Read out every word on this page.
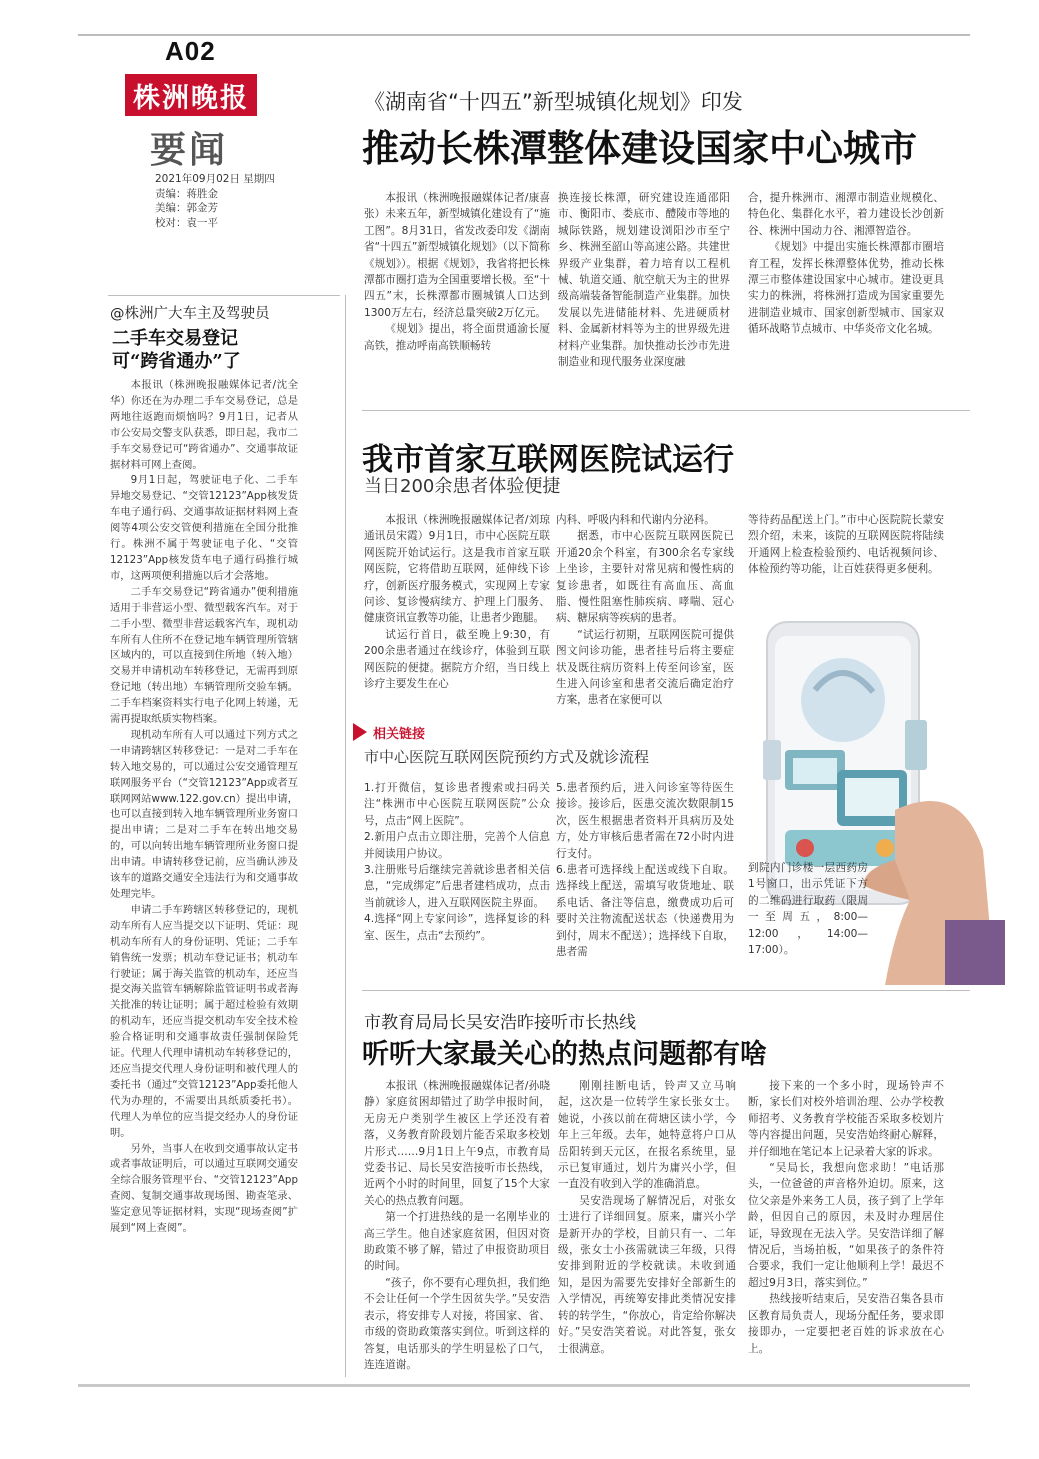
A02
株洲晚报
要闻
2021年09月02日 星期四
责编：蒋胜金
美编：郭金芳
校对：袁一平
《湖南省“十四五”新型城镇化规划》印发
推动长株潭整体建设国家中心城市

本报讯（株洲晚报融媒体记者/康喜张）未来五年，新型城镇化建设有了“施工图”。8月31日，省发改委印发《湖南省“十四五”新型城镇化规划》（以下简称《规划》）。根据《规划》，我省将把长株潭都市圈打造为全国重要增长极。至“十四五”末，长株潭都市圈城镇人口达到1300万左右，经济总量突破2万亿元。

《规划》提出，将全面贯通渝长厦高铁，推动呼南高铁顺畅转

换连接长株潭，研究建设连通邵阳市、衡阳市、娄底市、醴陵市等地的城际铁路，规划建设浏阳沙市至宁乡、株洲至韶山等高速公路。共建世界级产业集群，着力培育以工程机械、轨道交通、航空航天为主的世界级高端装备智能制造产业集群。加快发展以先进储能材料、先进硬质材料、金属新材料等为主的世界级先进材料产业集群。加快推动长沙市先进制造业和现代服务业深度融

合，提升株洲市、湘潭市制造业规模化、特色化、集群化水平，着力建设长沙创新谷、株洲中国动力谷、湘潭智造谷。

《规划》中提出实施长株潭都市圈培育工程，发挥长株潭整体优势，推动长株潭三市整体建设国家中心城市。建设更具实力的株洲，将株洲打造成为国家重要先进制造业城市、国家创新型城市、国家双循环战略节点城市、中华炎帝文化名城。

我市首家互联网医院试运行
当日200余患者体验便捷

本报讯（株洲晚报融媒体记者/刘琼 通讯员宋霞）9月1日，市中心医院互联网医院开始试运行。这是我市首家互联网医院，它将借助互联网，延伸线下诊疗，创新医疗服务模式，实现网上专家问诊、复诊慢病续方、护理上门服务、健康资讯宣教等功能，让患者少跑腿。

试运行首日，截至晚上9:30，有200余患者通过在线诊疗，体验到互联网医院的便捷。据院方介绍，当日线上诊疗主要发生在心

内科、呼吸内科和代谢内分泌科。

据悉，市中心医院互联网医院已开通20余个科室，有300余名专家线上坐诊，主要针对常见病和慢性病的复诊患者，如既往有高血压、高血脂、慢性阻塞性肺疾病、哮喘、冠心病、糖尿病等疾病的患者。

“试运行初期，互联网医院可提供图文问诊功能，患者挂号后将主要症状及既往病历资料上传至问诊室，医生进入问诊室和患者交流后确定治疗方案，患者在家便可以

等待药品配送上门。”市中心医院院长蒙安烈介绍，未来，该院的互联网医院将陆续开通网上检查检验预约、电话视频问诊、体检预约等功能，让百姓获得更多便利。

相关链接
市中心医院互联网医院预约方式及就诊流程

1.打开微信，复诊患者搜索或扫码关注“株洲市中心医院互联网医院”公众号，点击“网上医院”。

2.新用户点击立即注册，完善个人信息并阅读用户协议。

3.注册账号后继续完善就诊患者相关信息，“完成绑定”后患者建档成功，点击当前就诊人，进入互联网医院主界面。

4.选择“网上专家问诊”，选择复诊的科室、医生，点击“去预约”。

5.患者预约后，进入问诊室等待医生接诊。接诊后，医患交流次数限制15次，医生根据患者资料开具病历及处方，处方审核后患者需在72小时内进行支付。

6.患者可选择线上配送或线下自取。选择线上配送，需填写收货地址、联系电话、备注等信息，缴费成功后可要时关注物流配送状态（快递费用为到付，周末不配送）；选择线下自取，患者需

到院内门诊楼一层西药房1号窗口，出示凭证下方的二维码进行取药（限周一至周五，8:00—12:00，14:00—17:00）。

市教育局局长吴安浩昨接听市长热线
听听大家最关心的热点问题都有啥

本报讯（株洲晚报融媒体记者/孙晓静）家庭贫困却错过了助学申报时间，无房无户类别学生被区上学还没有着落，义务教育阶段划片能否采取多校划片形式……9月1日上午9点，市教育局党委书记、局长吴安浩接听市长热线，近两个小时的时间里，回复了15个大家关心的热点教育问题。

第一个打进热线的是一名刚毕业的高三学生。他自述家庭贫困，但因对资助政策不够了解，错过了申报资助项目的时间。

“孩子，你不要有心理负担，我们绝不会让任何一个学生因贫失学。”吴安浩表示，将安排专人对接，将国家、省、市级的资助政策落实到位。听到这样的答复，电话那头的学生明显松了口气，连连道谢。

刚刚挂断电话，铃声又立马响起，这次是一位转学生家长张女士。她说，小孩以前在荷塘区读小学，今年上三年级。去年，她特意将户口从岳阳转到天元区，在报名系统里，显示已复审通过，划片为庸兴小学，但一直没有收到入学的准确消息。

吴安浩现场了解情况后，对张女士进行了详细回复。原来，庸兴小学是新开办的学校，目前只有一、二年级，张女士小孩需就读三年级，只得安排到附近的学校就读。未收到通知，是因为需要先安排好全部新生的入学情况，再统筹安排此类情况安排转的转学生，“你放心，肯定给你解决好。”吴安浩笑着说。对此答复，张女士很满意。

接下来的一个多小时，现场铃声不断，家长们对校外培训治理、公办学校教师招考、义务教育学校能否采取多校划片等内容提出问题，吴安浩始终耐心解释，并仔细地在笔记本上记录着大家的诉求。

“吴局长，我想向您求助！”电话那头，一位爸爸的声音格外迫切。原来，这位父亲是外来务工人员，孩子到了上学年龄，但因自己的原因，未及时办理居住证，导致现在无法入学。吴安浩详细了解情况后，当场拍板，“如果孩子的条件符合要求，我们一定让他顺利上学！最迟不超过9月3日，落实到位。”

热线接听结束后，吴安浩召集各县市区教育局负责人，现场分配任务，要求即接即办，一定要把老百姓的诉求放在心上。

@株洲广大车主及驾驶员
二手车交易登记
可“跨省通办”了

本报讯（株洲晚报融媒体记者/沈全华）你还在为办理二手车交易登记，总是两地往返跑而烦恼吗？9月1日，记者从市公安局交警支队获悉，即日起，我市二手车交易登记可“跨省通办”、交通事故证据材料可网上查阅。

9月1日起，驾驶证电子化、二手车异地交易登记、“交管12123”App核发货车电子通行码、交通事故证据材料网上查阅等4项公安交管便利措施在全国分批推行。株洲不属于驾驶证电子化、“交管12123”App核发货车电子通行码推行城市，这两项便利措施以后才会落地。

二手车交易登记“跨省通办”便利措施适用于非营运小型、微型载客汽车。对于二手小型、微型非营运载客汽车，现机动车所有人住所不在登记地车辆管理所管辖区域内的，可以直接到住所地（转入地）交易并申请机动车转移登记，无需再到原登记地（转出地）车辆管理所交验车辆。二手车档案资料实行电子化网上转递，无需再提取纸质实物档案。

现机动车所有人可以通过下列方式之一申请跨辖区转移登记：一是对二手车在转入地交易的，可以通过公安交通管理互联网服务平台（“交管12123”App或者互联网网站www.122.gov.cn）提出申请，也可以直接到转入地车辆管理所业务窗口提出申请；二是对二手车在转出地交易的，可以向转出地车辆管理所业务窗口提出申请。申请转移登记前，应当确认涉及该车的道路交通安全违法行为和交通事故处理完毕。

申请二手车跨辖区转移登记的，现机动车所有人应当提交以下证明、凭证：现机动车所有人的身份证明、凭证；二手车销售统一发票；机动车登记证书；机动车行驶证；属于海关监管的机动车，还应当提交海关监管车辆解除监管证明书或者海关批准的转让证明；属于超过检验有效期的机动车，还应当提交机动车安全技术检验合格证明和交通事故责任强制保险凭证。代理人代理申请机动车转移登记的，还应当提交代理人身份证明和被代理人的委托书（通过“交管12123”App委托他人代为办理的，不需要出具纸质委托书）。代理人为单位的应当提交经办人的身份证明。

另外，当事人在收到交通事故认定书或者事故证明后，可以通过互联网交通安全综合服务管理平台、“交管12123”App查阅、复制交通事故现场图、勘查笔录、鉴定意见等证据材料，实现“现场查阅”扩展到“网上查阅”。
